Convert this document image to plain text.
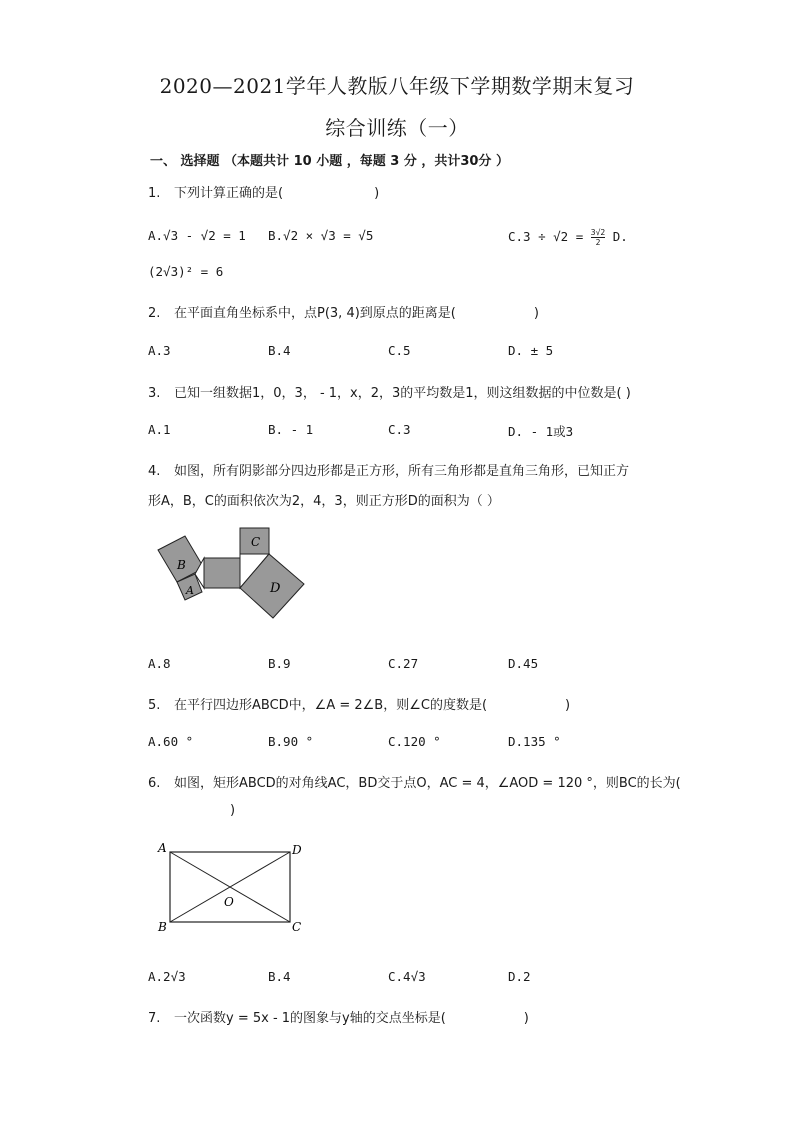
2020—2021学年人教版八年级下学期数学期末复习
综合训练（一）
一、 选择题 （本题共计 10 小题 ，每题 3 分 ，共计30分 ）
1. 下列计算正确的是(　　　　　　　)
A.√3 - √2 = 1 B.√2 × √3 = √5	$C.3 \div √2 = \frac{3√2}{2} D$.
(2√3)² = 6
2. 在平面直角坐标系中，点P(3, 4)到原点的距离是(　　　　　　)
A.3	B.4	C.5	D. ± 5
3. 已知一组数据1，0，3， - 1，x，2，3的平均数是1，则这组数据的中位数是( )
A.1	B. - 1	C.3	D. - 1或3
4. 如图，所有阴影部分四边形都是正方形，所有三角形都是直角三角形，已知正方
形A，B，C的面积依次为2，4，3，则正方形D的面积为（ ）
B
A
C
D
A.8	B.9	C.27	D.45
5. 在平行四边形ABCD中，∠A = 2∠B，则∠C的度数是(　　　　　　)
A.60 °	B.90 °	C.120 °	D.135 °
6. 如图，矩形ABCD的对角线AC，BD交于点O，AC = 4，∠AOD = 120 °，则BC的长为(
)
A	D
B	C
O
A.2√3	B.4	C.4√3	D.2
7. 一次函数y = 5x - 1的图象与y轴的交点坐标是(　　　　　　)
